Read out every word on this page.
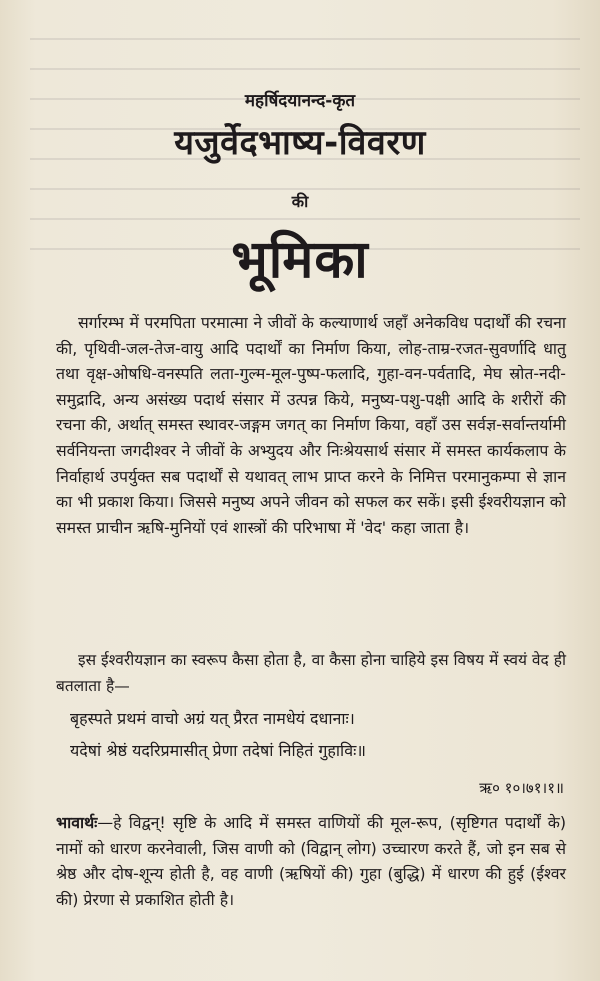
महर्षिदयानन्द-कृत
यजुर्वेदभाष्य-विवरण
की
भूमिका
सर्गारम्भ में परमपिता परमात्मा ने जीवों के कल्याणार्थ जहाँ अनेकविध पदार्थों की रचना की, पृथिवी-जल-तेज-वायु आदि पदार्थों का निर्माण किया, लोह-ताम्र-रजत-सुवर्णादि धातु तथा वृक्ष-ओषधि-वनस्पति लता-गुल्म-मूल-पुष्प-फलादि, गुहा-वन-पर्वतादि, मेघ स्रोत-नदी-समुद्रादि, अन्य असंख्य पदार्थ संसार में उत्पन्न किये, मनुष्य-पशु-पक्षी आदि के शरीरों की रचना की, अर्थात् समस्त स्थावर-जङ्गम जगत् का निर्माण किया, वहाँ उस सर्वज्ञ-सर्वान्तर्यामी सर्वनियन्ता जगदीश्वर ने जीवों के अभ्युदय और निःश्रेयसार्थ संसार में समस्त कार्यकलाप के निर्वाहार्थ उपर्युक्त सब पदार्थों से यथावत् लाभ प्राप्त करने के निमित्त परमानुकम्पा से ज्ञान का भी प्रकाश किया। जिससे मनुष्य अपने जीवन को सफल कर सकें। इसी ईश्वरीयज्ञान को समस्त प्राचीन ऋषि-मुनियों एवं शास्त्रों की परिभाषा में 'वेद' कहा जाता है।
इस ईश्वरीयज्ञान का स्वरूप कैसा होता है, वा कैसा होना चाहिये इस विषय में स्वयं वेद ही बतलाता है—
बृहस्पते प्रथमं वाचो अग्रं यत् प्रैरत नामधेयं दधानाः।
यदेषां श्रेष्ठं यदरिप्रमासीत् प्रेणा तदेषां निहितं गुहाविः॥
ऋ० १०।७१।१॥
भावार्थः—हे विद्वन्! सृष्टि के आदि में समस्त वाणियों की मूल-रूप, (सृष्टिगत पदार्थों के) नामों को धारण करनेवाली, जिस वाणी को (विद्वान् लोग) उच्चारण करते हैं, जो इन सब से श्रेष्ठ और दोष-शून्य होती है, वह वाणी (ऋषियों की) गुहा (बुद्धि) में धारण की हुई (ईश्वर की) प्रेरणा से प्रकाशित होती है।
